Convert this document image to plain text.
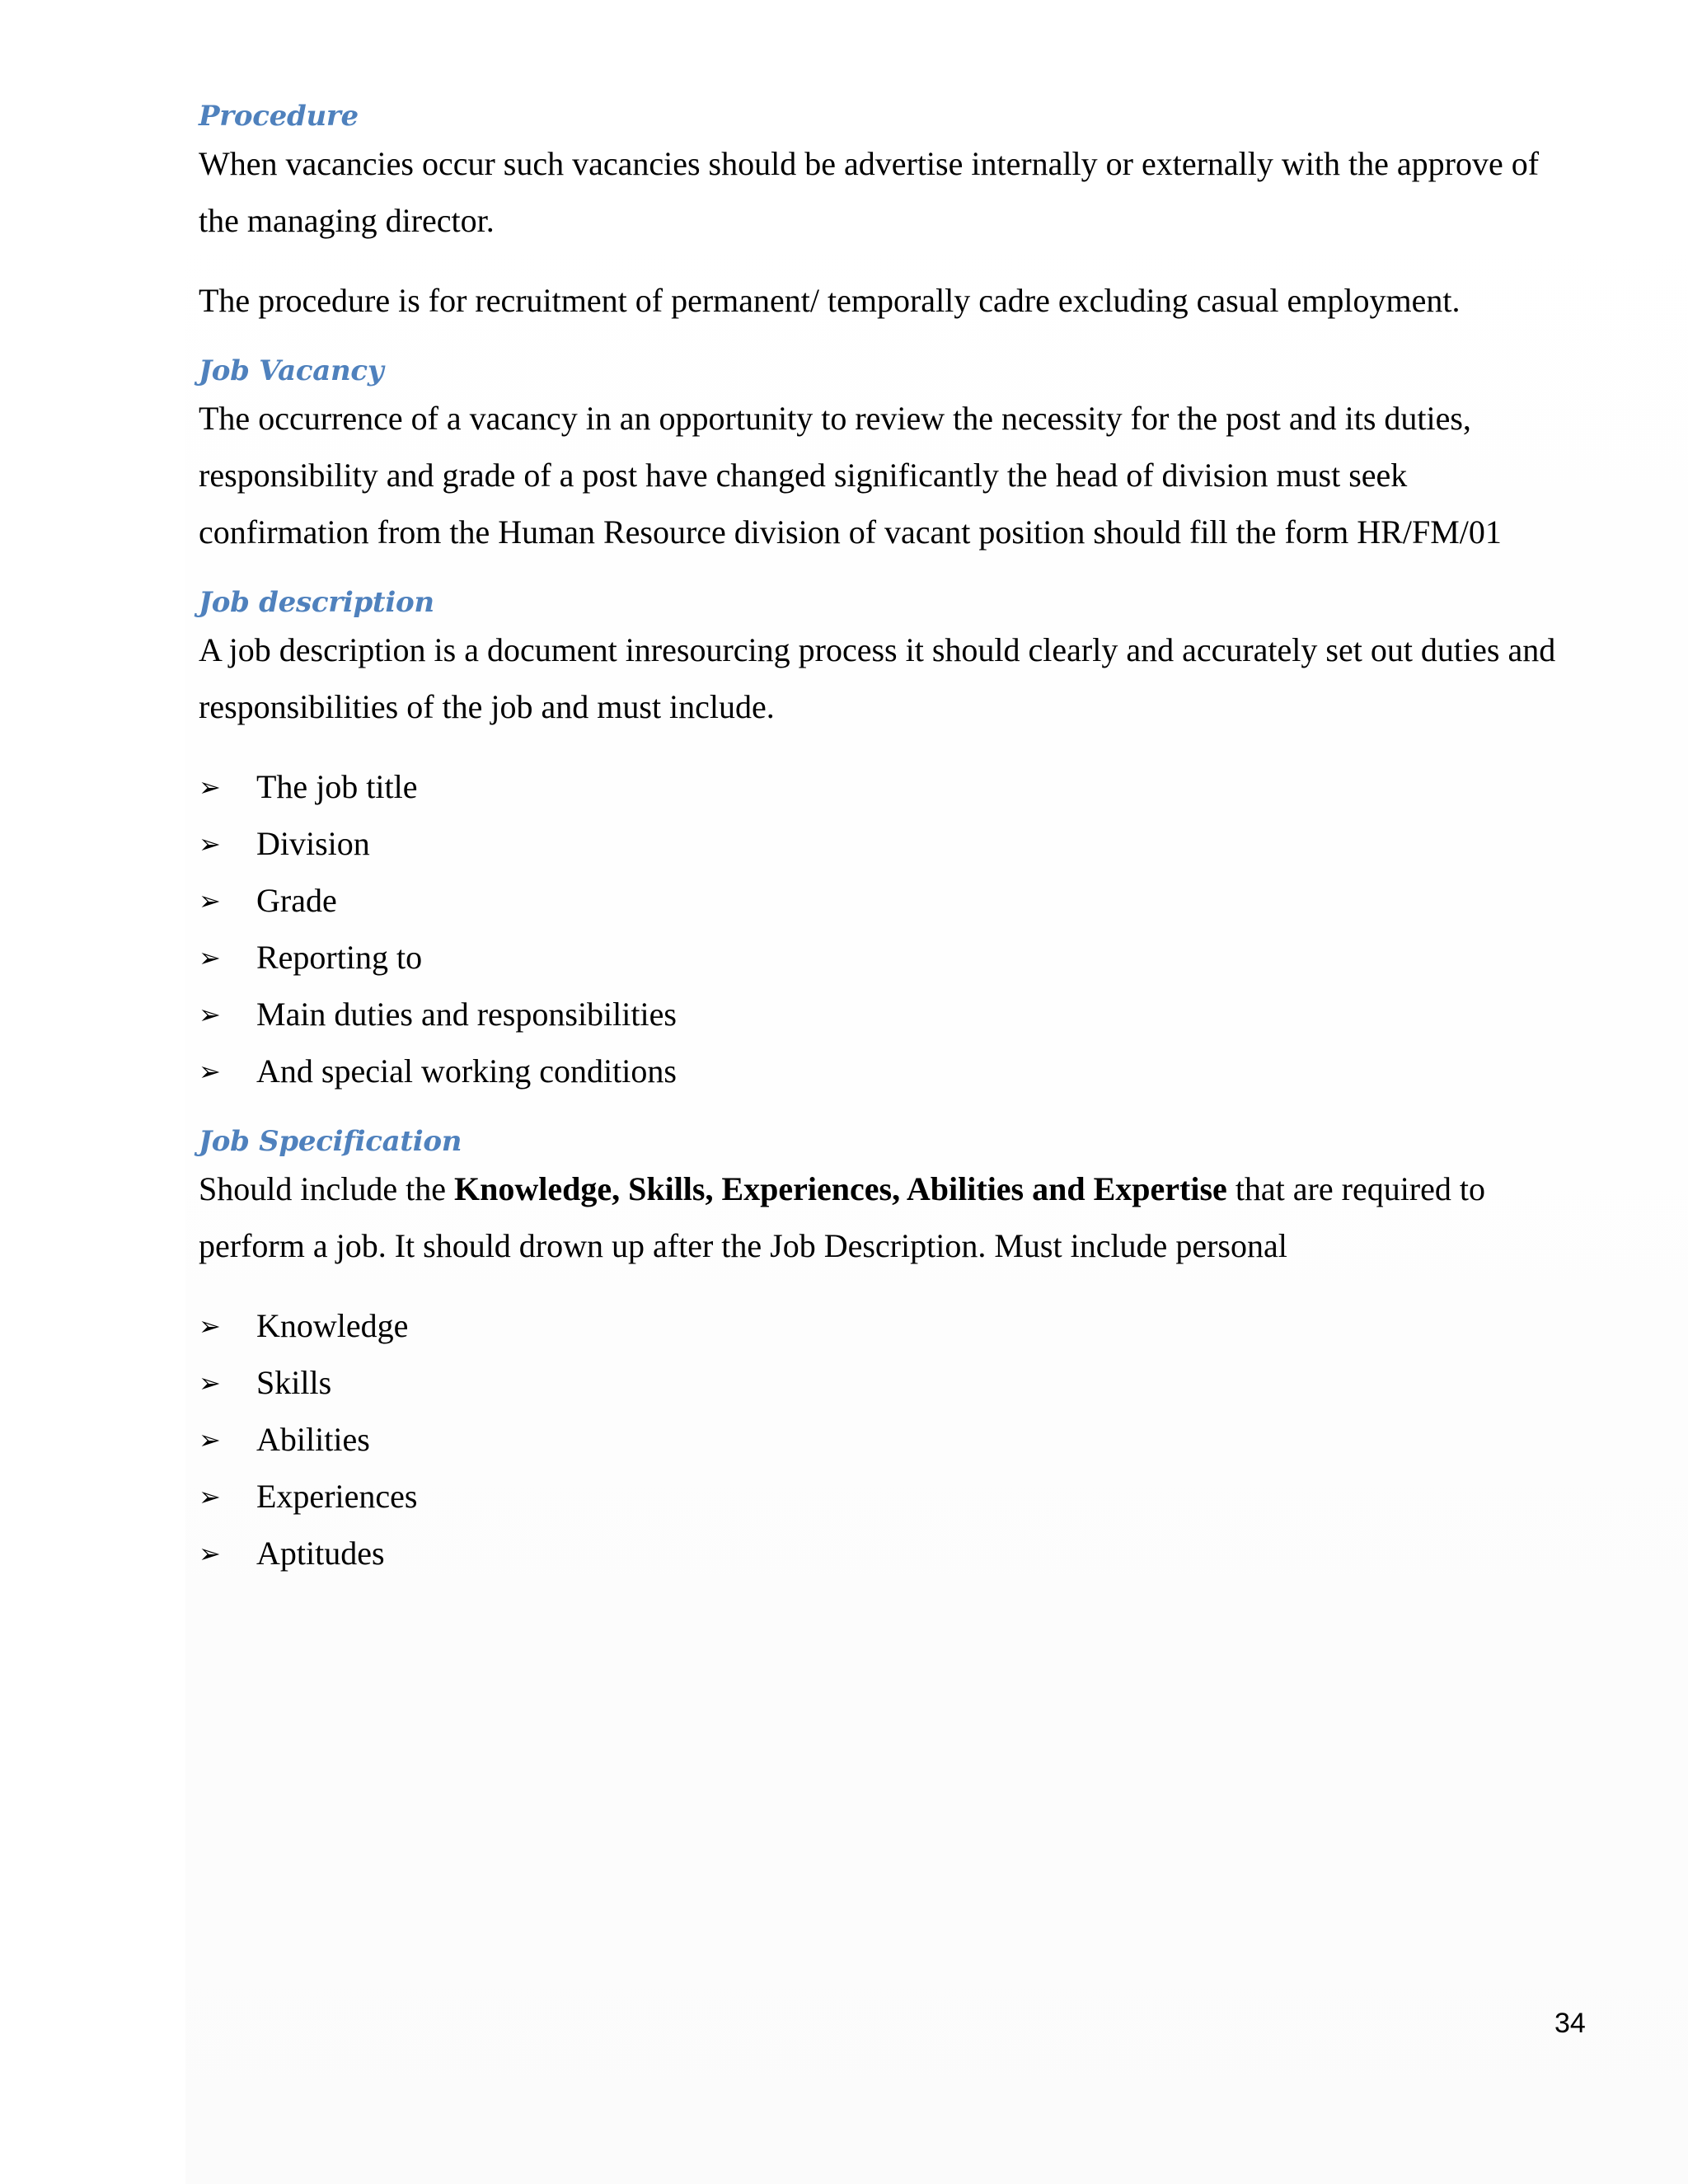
Procedure

When vacancies occur such vacancies should be advertise internally or externally with the approve of the managing director.

The procedure is for recruitment of permanent/ temporally cadre excluding casual employment.

Job Vacancy

The occurrence of a vacancy in an opportunity to review the necessity for the post and its duties, responsibility and grade of a post have changed significantly the head of division must seek confirmation from the Human Resource division of vacant position should fill the form HR/FM/01

Job description

A job description is a document inresourcing process it should clearly and accurately set out duties and responsibilities of the job and must include.

➢	The job title
➢	Division
➢	Grade
➢	Reporting to
➢	Main duties and responsibilities
➢	And special working conditions
Job Specification

Should include the Knowledge, Skills, Experiences, Abilities and Expertise that are required to perform a job. It should drown up after the Job Description. Must include personal

➢	Knowledge
➢	Skills
➢	Abilities
➢	Experiences
➢	Aptitudes
34
